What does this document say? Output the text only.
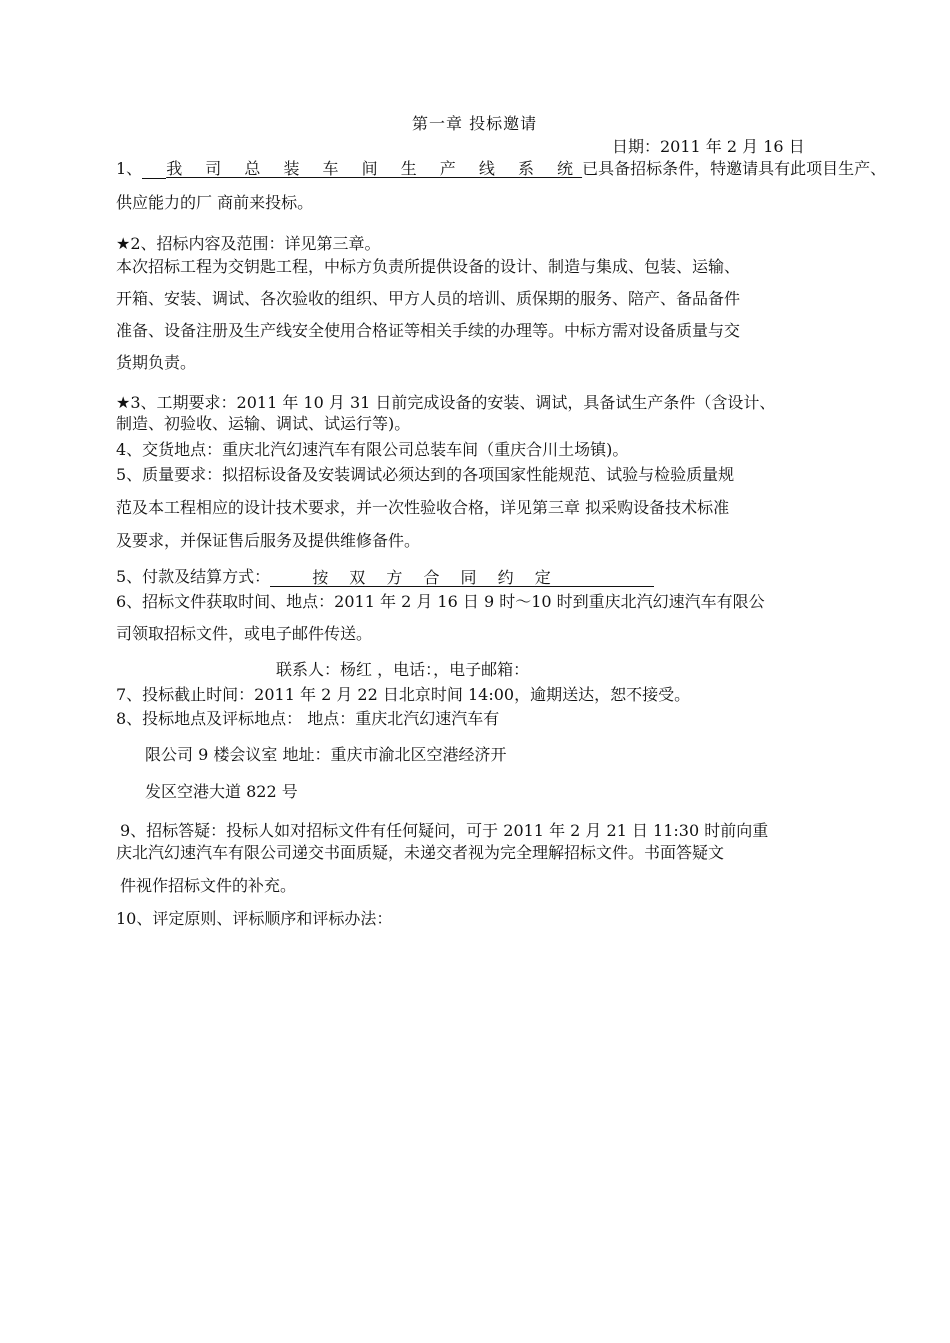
第一章 投标邀请
日期：2011 年 2 月 16 日
1、 我 司 总 装 车 间 生 产 线 系 统已具备招标条件，特邀请具有此项目生产、
供应能力的厂 商前来投标。
★2、招标内容及范围：详见第三章。
本次招标工程为交钥匙工程，中标方负责所提供设备的设计、制造与集成、包装、运输、
开箱、安装、调试、各次验收的组织、甲方人员的培训、质保期的服务、陪产、备品备件
准备、设备注册及生产线安全使用合格证等相关手续的办理等。中标方需对设备质量与交
货期负责。
★3、工期要求：2011 年 10 月 31 日前完成设备的安装、调试，具备试生产条件（含设计、
制造、初验收、运输、调试、试运行等)。
4、交货地点：重庆北汽幻速汽车有限公司总装车间（重庆合川土场镇)。
5、质量要求：拟招标设备及安装调试必须达到的各项国家性能规范、试验与检验质量规
范及本工程相应的设计技术要求，并一次性验收合格，详见第三章 拟采购设备技术标准
及要求，并保证售后服务及提供维修备件。
5、付款及结算方式：	按 双 方 合 同 约 定
6、招标文件获取时间、地点：2011 年 2 月 16 日 9 时～10 时到重庆北汽幻速汽车有限公
司领取招标文件，或电子邮件传送。
联系人：杨红 ，电话：，电子邮箱：
7、投标截止时间：2011 年 2 月 22 日北京时间 14:00，逾期送达，恕不接受。
8、投标地点及评标地点： 地点：重庆北汽幻速汽车有
限公司 9 楼会议室 地址：重庆市渝北区空港经济开
发区空港大道 822 号
9、招标答疑：投标人如对招标文件有任何疑问，可于 2011 年 2 月 21 日 11:30 时前向重
庆北汽幻速汽车有限公司递交书面质疑，未递交者视为完全理解招标文件。书面答疑文
件视作招标文件的补充。
10、评定原则、评标顺序和评标办法：
